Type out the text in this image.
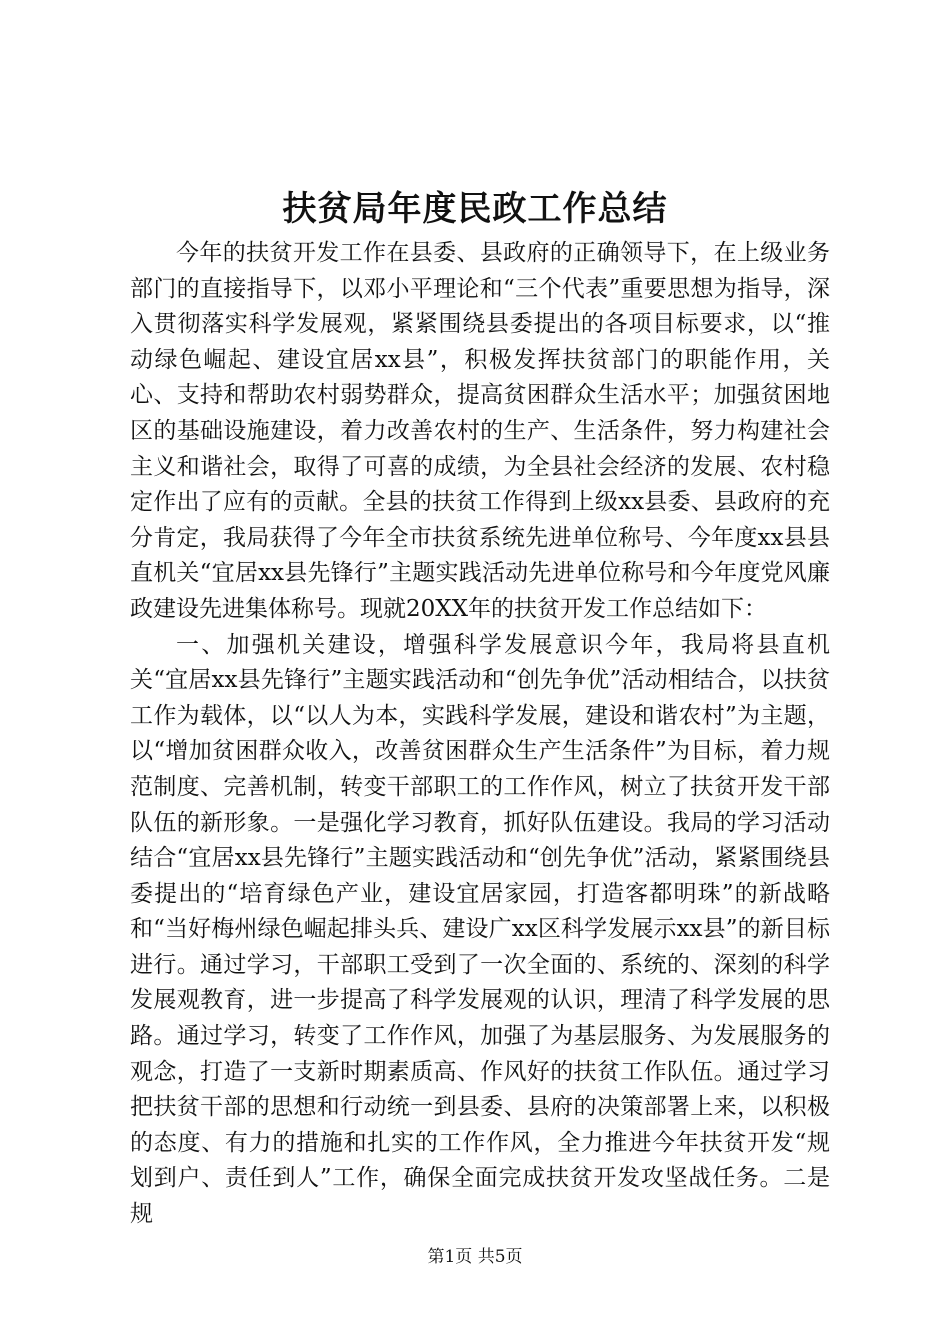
扶贫局年度民政工作总结

今年的扶贫开发工作在县委、县政府的正确领导下，在上级业务部门的直接指导下，以邓小平理论和“三个代表”重要思想为指导，深入贯彻落实科学发展观，紧紧围绕县委提出的各项目标要求，以“推动绿色崛起、建设宜居xx县”，积极发挥扶贫部门的职能作用，关心、支持和帮助农村弱势群众，提高贫困群众生活水平；加强贫困地区的基础设施建设，着力改善农村的生产、生活条件，努力构建社会主义和谐社会，取得了可喜的成绩，为全县社会经济的发展、农村稳定作出了应有的贡献。全县的扶贫工作得到上级xx县委、县政府的充分肯定，我局获得了今年全市扶贫系统先进单位称号、今年度xx县县直机关“宜居xx县先锋行”主题实践活动先进单位称号和今年度党风廉政建设先进集体称号。现就20XX年的扶贫开发工作总结如下：

一、加强机关建设，增强科学发展意识今年，我局将县直机关“宜居xx县先锋行”主题实践活动和“创先争优”活动相结合，以扶贫工作为载体，以“以人为本，实践科学发展，建设和谐农村”为主题，以“增加贫困群众收入，改善贫困群众生产生活条件”为目标，着力规范制度、完善机制，转变干部职工的工作作风，树立了扶贫开发干部队伍的新形象。一是强化学习教育，抓好队伍建设。我局的学习活动结合“宜居xx县先锋行”主题实践活动和“创先争优”活动，紧紧围绕县委提出的“培育绿色产业，建设宜居家园，打造客都明珠”的新战略和“当好梅州绿色崛起排头兵、建设广xx区科学发展示xx县”的新目标进行。通过学习，干部职工受到了一次全面的、系统的、深刻的科学发展观教育，进一步提高了科学发展观的认识，理清了科学发展的思路。通过学习，转变了工作作风，加强了为基层服务、为发展服务的观念，打造了一支新时期素质高、作风好的扶贫工作队伍。通过学习把扶贫干部的思想和行动统一到县委、县府的决策部署上来，以积极的态度、有力的措施和扎实的工作作风，全力推进今年扶贫开发“规划到户、责任到人”工作，确保全面完成扶贫开发攻坚战任务。二是规

第1页 共5页
